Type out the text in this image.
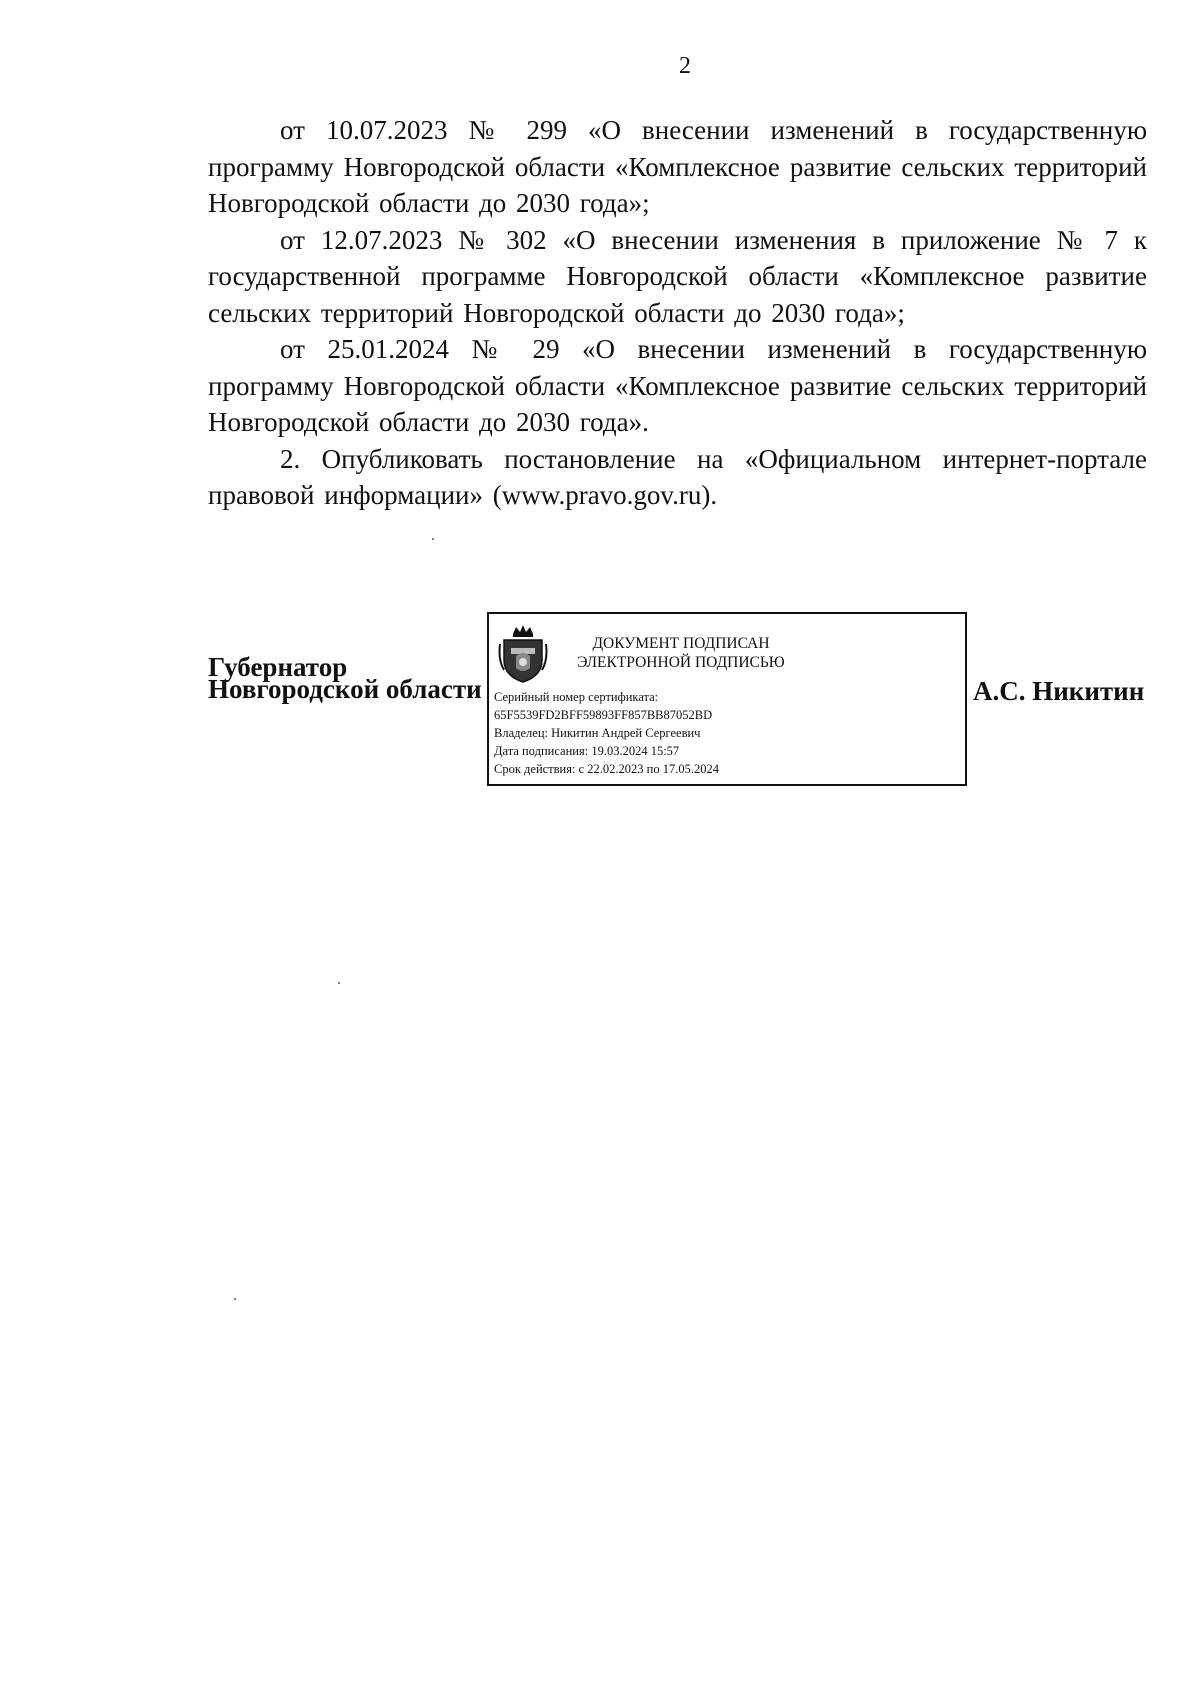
2

от 10.07.2023 № 299 «О внесении изменений в государственную программу Новгородской области «Комплексное развитие сельских территорий Новгородской области до 2030 года»;

от 12.07.2023 № 302 «О внесении изменения в приложение № 7 к государственной программе Новгородской области «Комплексное развитие сельских территорий Новгородской области до 2030 года»;

от 25.01.2024 № 29 «О внесении изменений в государственную программу Новгородской области «Комплексное развитие сельских территорий Новгородской области до 2030 года».

2. Опубликовать постановление на «Официальном интернет-портале правовой информации» (www.pravo.gov.ru).

Губернатор
Новгородской области
ДОКУМЕНТ ПОДПИСАН
ЭЛЕКТРОННОЙ ПОДПИСЬЮ
Серийный номер сертификата:
65F5539FD2BFF59893FF857BB87052BD
Владелец: Никитин Андрей Сергеевич
Дата подписания: 19.03.2024 15:57
Срок действия: с 22.02.2023 по 17.05.2024
А.С. Никитин
